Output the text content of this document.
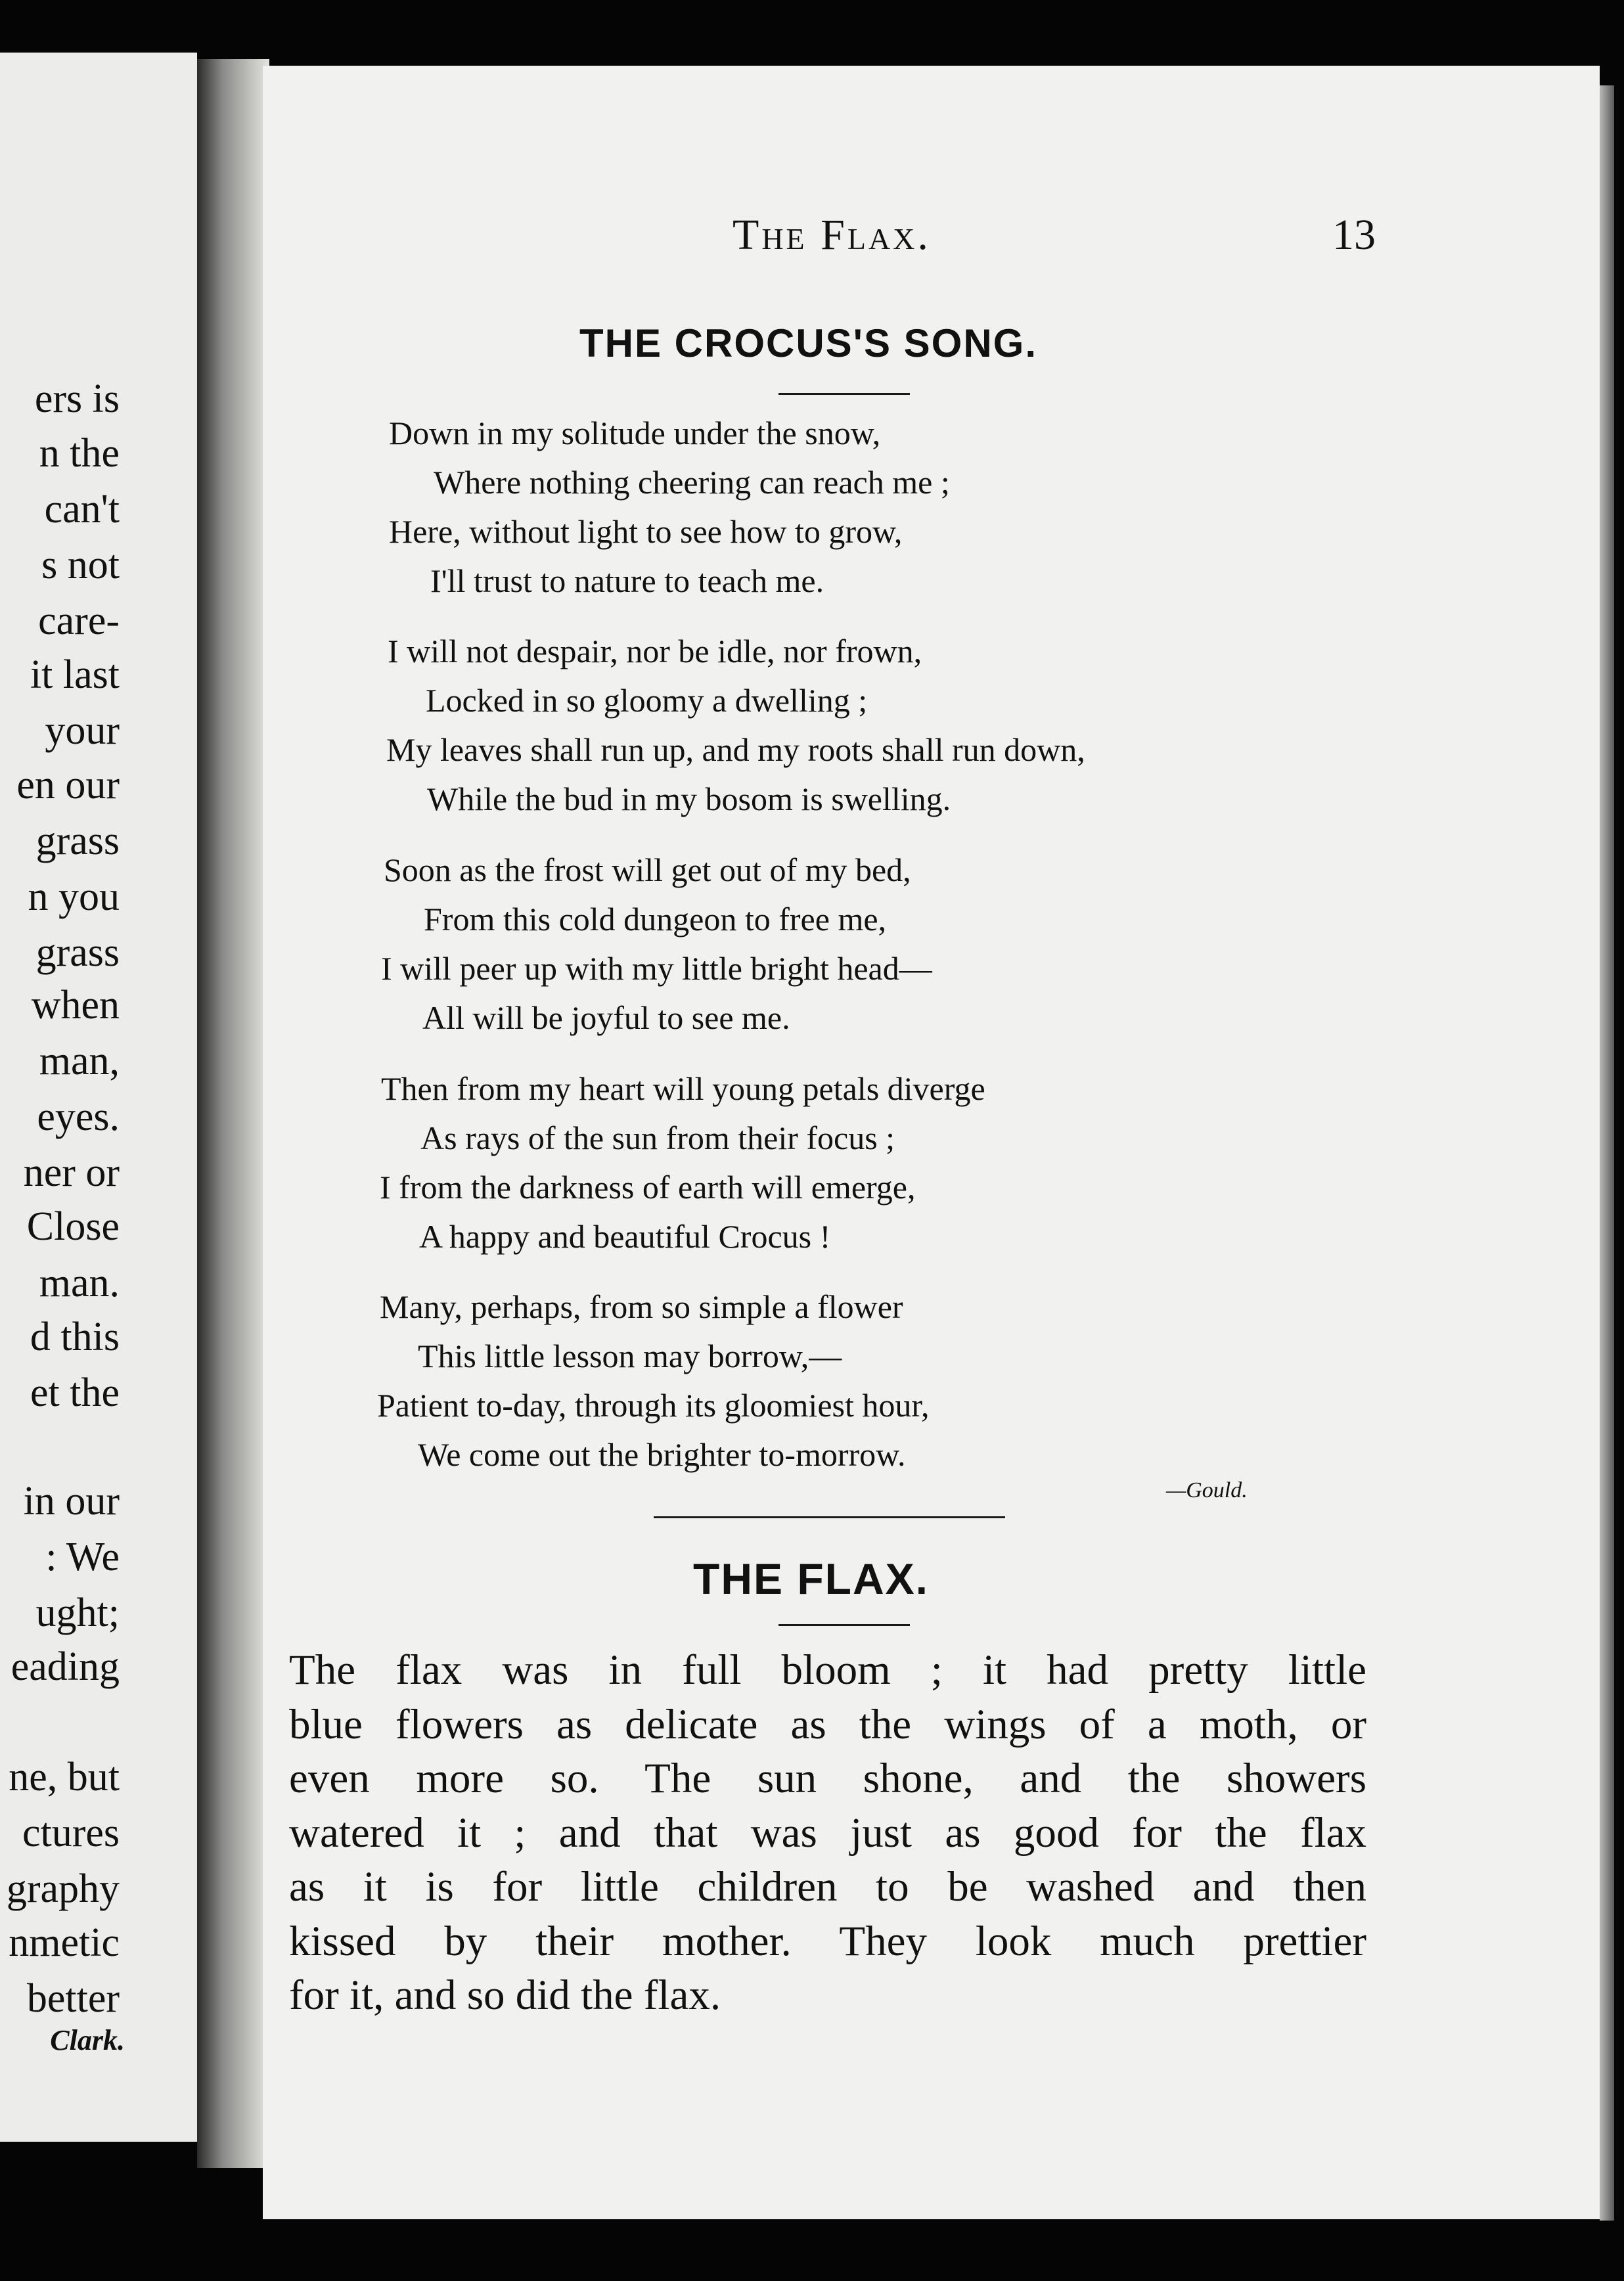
ers is
n the
can't
s not
care-
it last
your
en our
grass
n you
grass
when
man,
eyes.
ner or
Close
man.
d this
et the
in our
: We
ught;
eading
ne, but
ctures
graphy
nmetic
better
Clark.
The Flax.	13
THE CROCUS'S SONG.
Down in my solitude under the snow,
Where nothing cheering can reach me ;
Here, without light to see how to grow,
I'll trust to nature to teach me.
I will not despair, nor be idle, nor frown,
Locked in so gloomy a dwelling ;
My leaves shall run up, and my roots shall run down,
While the bud in my bosom is swelling.
Soon as the frost will get out of my bed,
From this cold dungeon to free me,
I will peer up with my little bright head—
All will be joyful to see me.
Then from my heart will young petals diverge
As rays of the sun from their focus ;
I from the darkness of earth will emerge,
A happy and beautiful Crocus !
Many, perhaps, from so simple a flower
This little lesson may borrow,—
Patient to-day, through its gloomiest hour,
We come out the brighter to-morrow.
—Gould.
THE FLAX.
The flax was in full bloom ; it had pretty little
blue flowers as delicate as the wings of a moth, or
even more so. The sun shone, and the showers
watered it ; and that was just as good for the flax
as it is for little children to be washed and then
kissed by their mother. They look much prettier
for it, and so did the flax.
